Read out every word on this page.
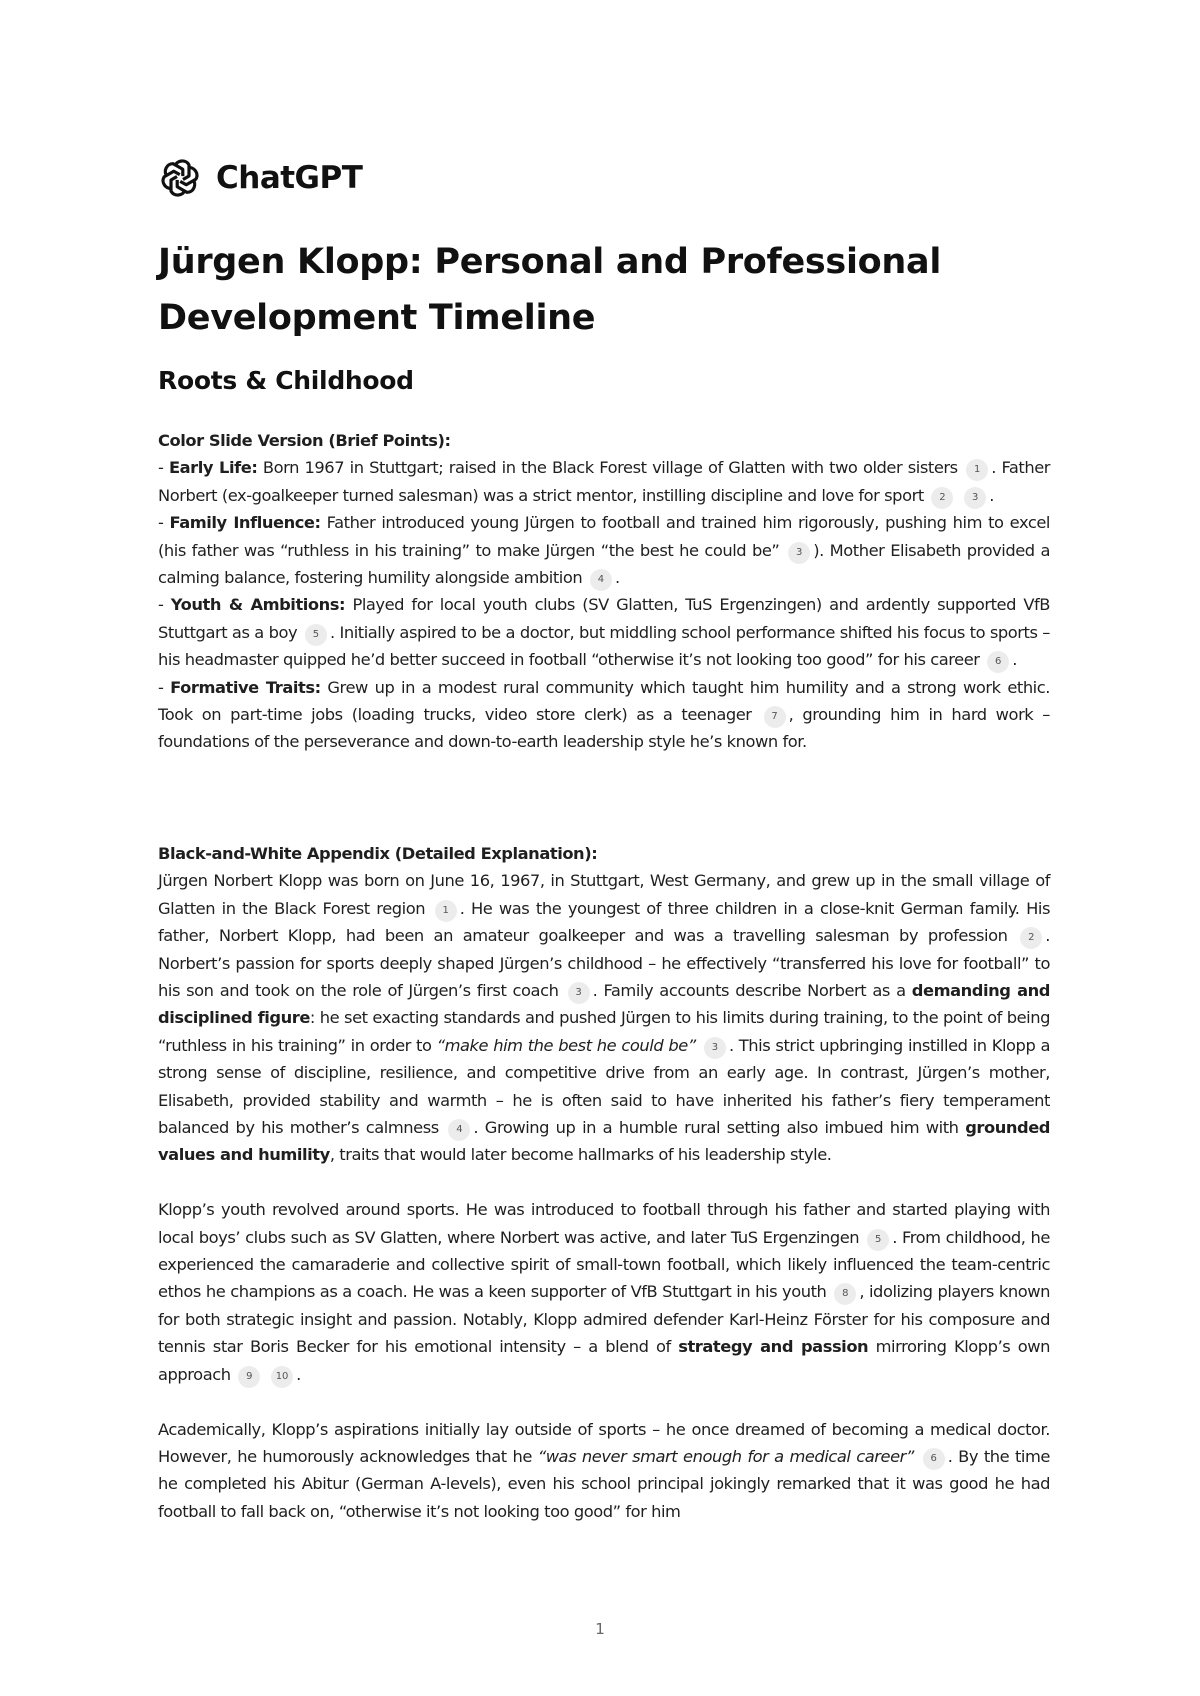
ChatGPT
Jürgen Klopp: Personal and Professional Development Timeline
Roots & Childhood
Color Slide Version (Brief Points):
- Early Life: Born 1967 in Stuttgart; raised in the Black Forest village of Glatten with two older sisters 1 . Father Norbert (ex-goalkeeper turned salesman) was a strict mentor, instilling discipline and love for sport 2	3 .
- Family Influence: Father introduced young Jürgen to football and trained him rigorously, pushing him to excel (his father was “ruthless in his training” to make Jürgen “the best he could be” 3 ). Mother Elisabeth provided a calming balance, fostering humility alongside ambition 4 .
- Youth & Ambitions: Played for local youth clubs (SV Glatten, TuS Ergenzingen) and ardently supported VfB Stuttgart as a boy 5 . Initially aspired to be a doctor, but middling school performance shifted his focus to sports – his headmaster quipped he’d better succeed in football “otherwise it’s not looking too good” for his career 6 .
- Formative Traits: Grew up in a modest rural community which taught him humility and a strong work ethic. Took on part-time jobs (loading trucks, video store clerk) as a teenager 7 , grounding him in hard work – foundations of the perseverance and down-to-earth leadership style he’s known for.
Black-and-White Appendix (Detailed Explanation):

Jürgen Norbert Klopp was born on June 16, 1967, in Stuttgart, West Germany, and grew up in the small village of Glatten in the Black Forest region 1 . He was the youngest of three children in a close-knit German family. His father, Norbert Klopp, had been an amateur goalkeeper and was a travelling salesman by profession 2 . Norbert’s passion for sports deeply shaped Jürgen’s childhood – he effectively “transferred his love for football” to his son and took on the role of Jürgen’s first coach 3 . Family accounts describe Norbert as a demanding and disciplined figure: he set exacting standards and pushed Jürgen to his limits during training, to the point of being “ruthless in his training” in order to “make him the best he could be” 3 . This strict upbringing instilled in Klopp a strong sense of discipline, resilience, and competitive drive from an early age. In contrast, Jürgen’s mother, Elisabeth, provided stability and warmth – he is often said to have inherited his father’s fiery temperament balanced by his mother’s calmness 4 . Growing up in a humble rural setting also imbued him with grounded values and humility, traits that would later become hallmarks of his leadership style.

Klopp’s youth revolved around sports. He was introduced to football through his father and started playing with local boys’ clubs such as SV Glatten, where Norbert was active, and later TuS Ergenzingen 5 . From childhood, he experienced the camaraderie and collective spirit of small-town football, which likely influenced the team-centric ethos he champions as a coach. He was a keen supporter of VfB Stuttgart in his youth 8 , idolizing players known for both strategic insight and passion. Notably, Klopp admired defender Karl-Heinz Förster for his composure and tennis star Boris Becker for his emotional intensity – a blend of strategy and passion mirroring Klopp’s own approach 9 10 .

Academically, Klopp’s aspirations initially lay outside of sports – he once dreamed of becoming a medical doctor. However, he humorously acknowledges that he “was never smart enough for a medical career” 6 . By the time he completed his Abitur (German A-levels), even his school principal jokingly remarked that it was good he had football to fall back on, “otherwise it’s not looking too good” for him

1
